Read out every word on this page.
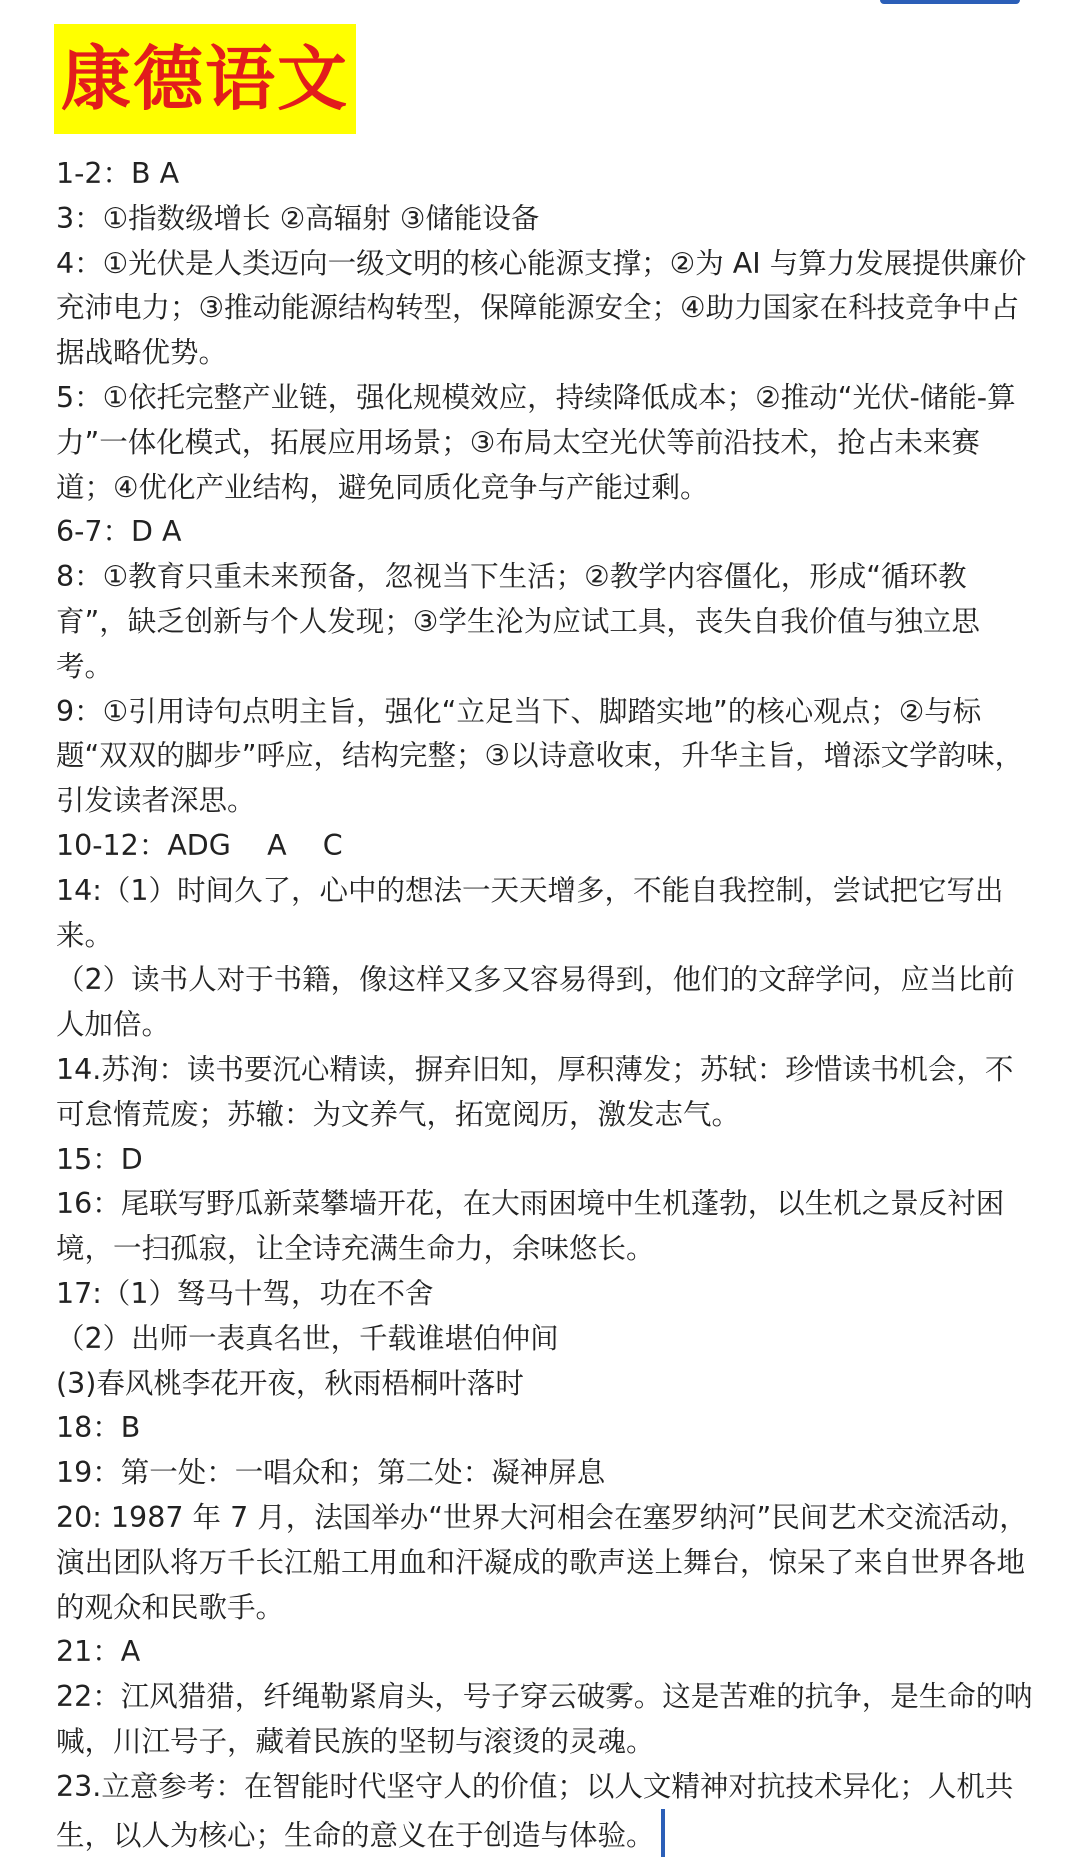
康德语文
1-2：B A
3：①指数级增长 ②高辐射 ③储能设备
4：①光伏是人类迈向一级文明的核心能源支撑；②为 AI 与算力发展提供廉价充沛电力；③推动能源结构转型，保障能源安全；④助力国家在科技竞争中占据战略优势。
5：①依托完整产业链，强化规模效应，持续降低成本；②推动“光伏-储能-算力”一体化模式，拓展应用场景；③布局太空光伏等前沿技术，抢占未来赛道；④优化产业结构，避免同质化竞争与产能过剩。
6-7：D A
8：①教育只重未来预备，忽视当下生活；②教学内容僵化，形成“循环教育”，缺乏创新与个人发现；③学生沦为应试工具，丧失自我价值与独立思考。
9：①引用诗句点明主旨，强化“立足当下、脚踏实地”的核心观点；②与标题“双双的脚步”呼应，结构完整；③以诗意收束，升华主旨，增添文学韵味，引发读者深思。
10-12：ADG    A    C
14:（1）时间久了，心中的想法一天天增多，不能自我控制，尝试把它写出来。
（2）读书人对于书籍，像这样又多又容易得到，他们的文辞学问，应当比前人加倍。
14.苏洵：读书要沉心精读，摒弃旧知，厚积薄发；苏轼：珍惜读书机会，不可怠惰荒废；苏辙：为文养气，拓宽阅历，激发志气。
15：D
16：尾联写野瓜新菜攀墙开花，在大雨困境中生机蓬勃，以生机之景反衬困境，一扫孤寂，让全诗充满生命力，余味悠长。
17:（1）驽马十驾，功在不舍
（2）出师一表真名世，千载谁堪伯仲间
(3)春风桃李花开夜，秋雨梧桐叶落时
18：B
19：第一处：一唱众和；第二处：凝神屏息
20: 1987 年 7 月，法国举办“世界大河相会在塞罗纳河”民间艺术交流活动，演出团队将万千长江船工用血和汗凝成的歌声送上舞台，惊呆了来自世界各地的观众和民歌手。
21：A
22：江风猎猎，纤绳勒紧肩头，号子穿云破雾。这是苦难的抗争，是生命的呐喊，川江号子，藏着民族的坚韧与滚烫的灵魂。
23.立意参考：在智能时代坚守人的价值；以人文精神对抗技术异化；人机共生，以人为核心；生命的意义在于创造与体验。
